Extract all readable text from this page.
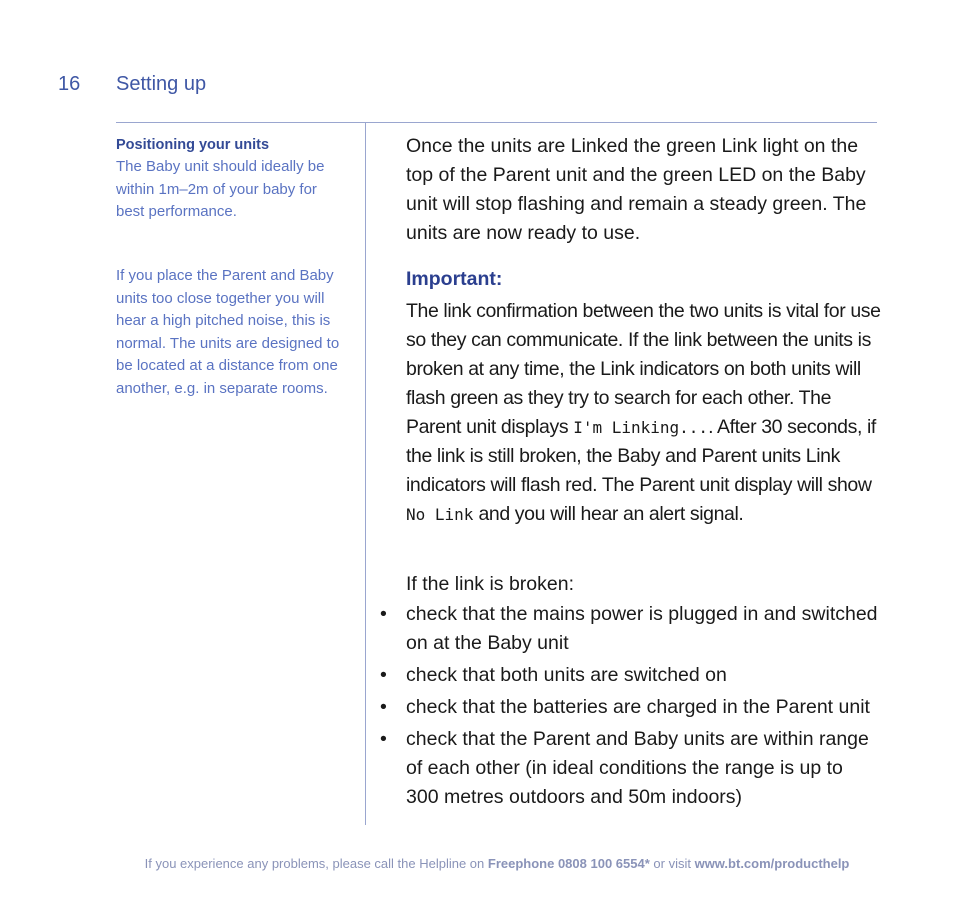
16 Setting up
Positioning your units
The Baby unit should ideally be within 1m–2m of your baby for best performance.
If you place the Parent and Baby units too close together you will hear a high pitched noise, this is normal. The units are designed to be located at a distance from one another, e.g. in separate rooms.
Once the units are Linked the green Link light on the top of the Parent unit and the green LED on the Baby unit will stop flashing and remain a steady green. The units are now ready to use.
Important:
The link confirmation between the two units is vital for use so they can communicate. If the link between the units is broken at any time, the Link indicators on both units will flash green as they try to search for each other. The Parent unit displays I'm Linking.... After 30 seconds, if the link is still broken, the Baby and Parent units Link indicators will flash red. The Parent unit display will show No Link and you will hear an alert signal.
If the link is broken:
• check that the mains power is plugged in and switched on at the Baby unit
• check that both units are switched on
• check that the batteries are charged in the Parent unit
• check that the Parent and Baby units are within range of each other (in ideal conditions the range is up to 300 metres outdoors and 50m indoors)
If you experience any problems, please call the Helpline on Freephone 0808 100 6554* or visit www.bt.com/producthelp
